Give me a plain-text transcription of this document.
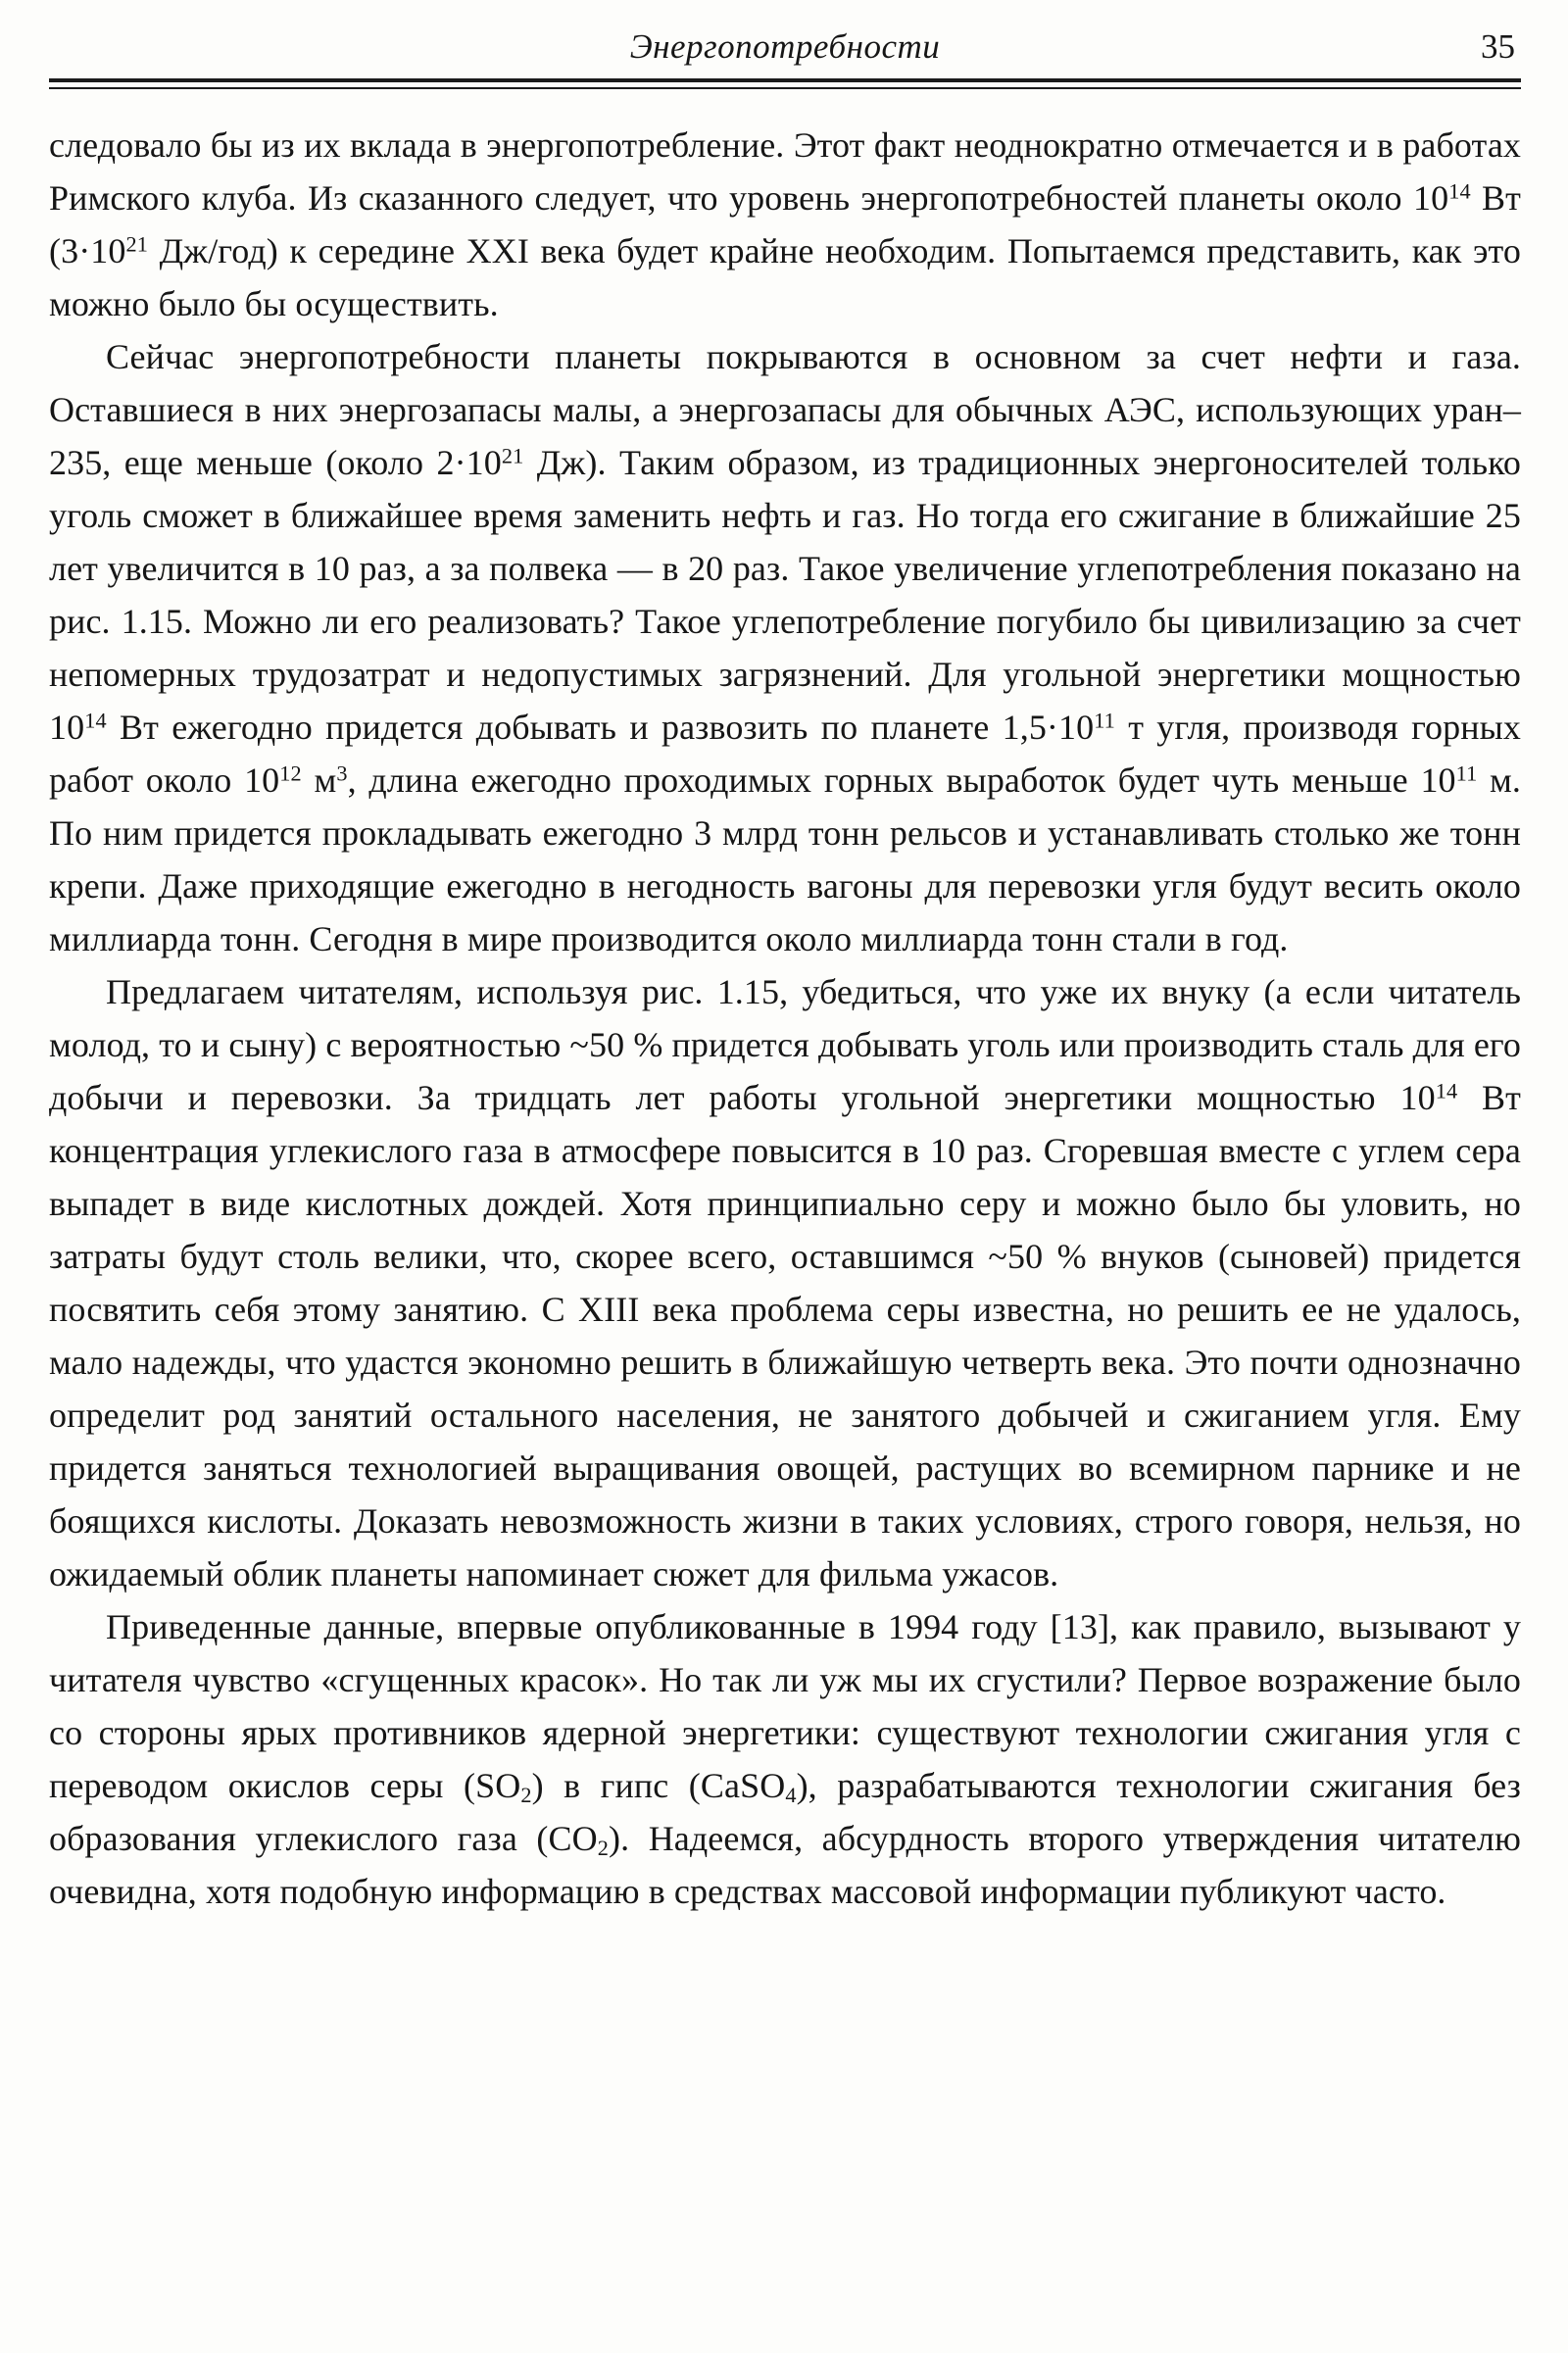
Энергопотребности	35

следовало бы из их вклада в энергопотребление. Этот факт неоднократно отмечается и в работах Римского клуба. Из сказанного следует, что уровень энергопотребностей планеты около $10^{14}$ Вт ($3\cdot 10^{21}$ Дж/год) к середине XXI века будет крайне необходим. Попытаемся представить, как это можно было бы осуществить.

Сейчас энергопотребности планеты покрываются в основном за счет нефти и газа. Оставшиеся в них энергозапасы малы, а энергозапасы для обычных АЭС, использующих уран–235, еще меньше (около $2\cdot 10^{21}$ Дж). Таким образом, из традиционных энергоносителей только уголь сможет в ближайшее время заменить нефть и газ. Но тогда его сжигание в ближайшие 25 лет увеличится в 10 раз, а за полвека — в 20 раз. Такое увеличение углепотребления показано на рис. 1.15. Можно ли его реализовать? Такое углепотребление погубило бы цивилизацию за счет непомерных трудозатрат и недопустимых загрязнений. Для угольной энергетики мощностью $10^{14}$ Вт ежегодно придется добывать и развозить по планете $1,5\cdot 10^{11}$ т угля, производя горных работ около $10^{12}$ $м^3$, длина ежегодно проходимых горных выработок будет чуть меньше $10^{11}$ м. По ним придется прокладывать ежегодно 3 млрд тонн рельсов и устанавливать столько же тонн крепи. Даже приходящие ежегодно в негодность вагоны для перевозки угля будут весить около миллиарда тонн. Сегодня в мире производится около миллиарда тонн стали в год.

Предлагаем читателям, используя рис. 1.15, убедиться, что уже их внуку (а если читатель молод, то и сыну) с вероятностью ~50 % придется добывать уголь или производить сталь для его добычи и перевозки. За тридцать лет работы угольной энергетики мощностью $10^{14}$ Вт концентрация углекислого газа в атмосфере повысится в 10 раз. Сгоревшая вместе с углем сера выпадет в виде кислотных дождей. Хотя принципиально серу и можно было бы уловить, но затраты будут столь велики, что, скорее всего, оставшимся ~50 % внуков (сыновей) придется посвятить себя этому занятию. С XIII века проблема серы известна, но решить ее не удалось, мало надежды, что удастся экономно решить в ближайшую четверть века. Это почти однозначно определит род занятий остального населения, не занятого добычей и сжиганием угля. Ему придется заняться технологией выращивания овощей, растущих во всемирном парнике и не боящихся кислоты. Доказать невозможность жизни в таких условиях, строго говоря, нельзя, но ожидаемый облик планеты напоминает сюжет для фильма ужасов.

Приведенные данные, впервые опубликованные в 1994 году [13], как правило, вызывают у читателя чувство «сгущенных красок». Но так ли уж мы их сгустили? Первое возражение было со стороны ярых противников ядерной энергетики: существуют технологии сжигания угля с переводом окислов серы $(SO_2)$ в гипс (CaSO$_4$), разрабатываются технологии сжигания без образования углекислого газа $(CO_2)$. Надеемся, абсурдность второго утверждения читателю очевидна, хотя подобную информацию в средствах массовой информации публикуют часто.
